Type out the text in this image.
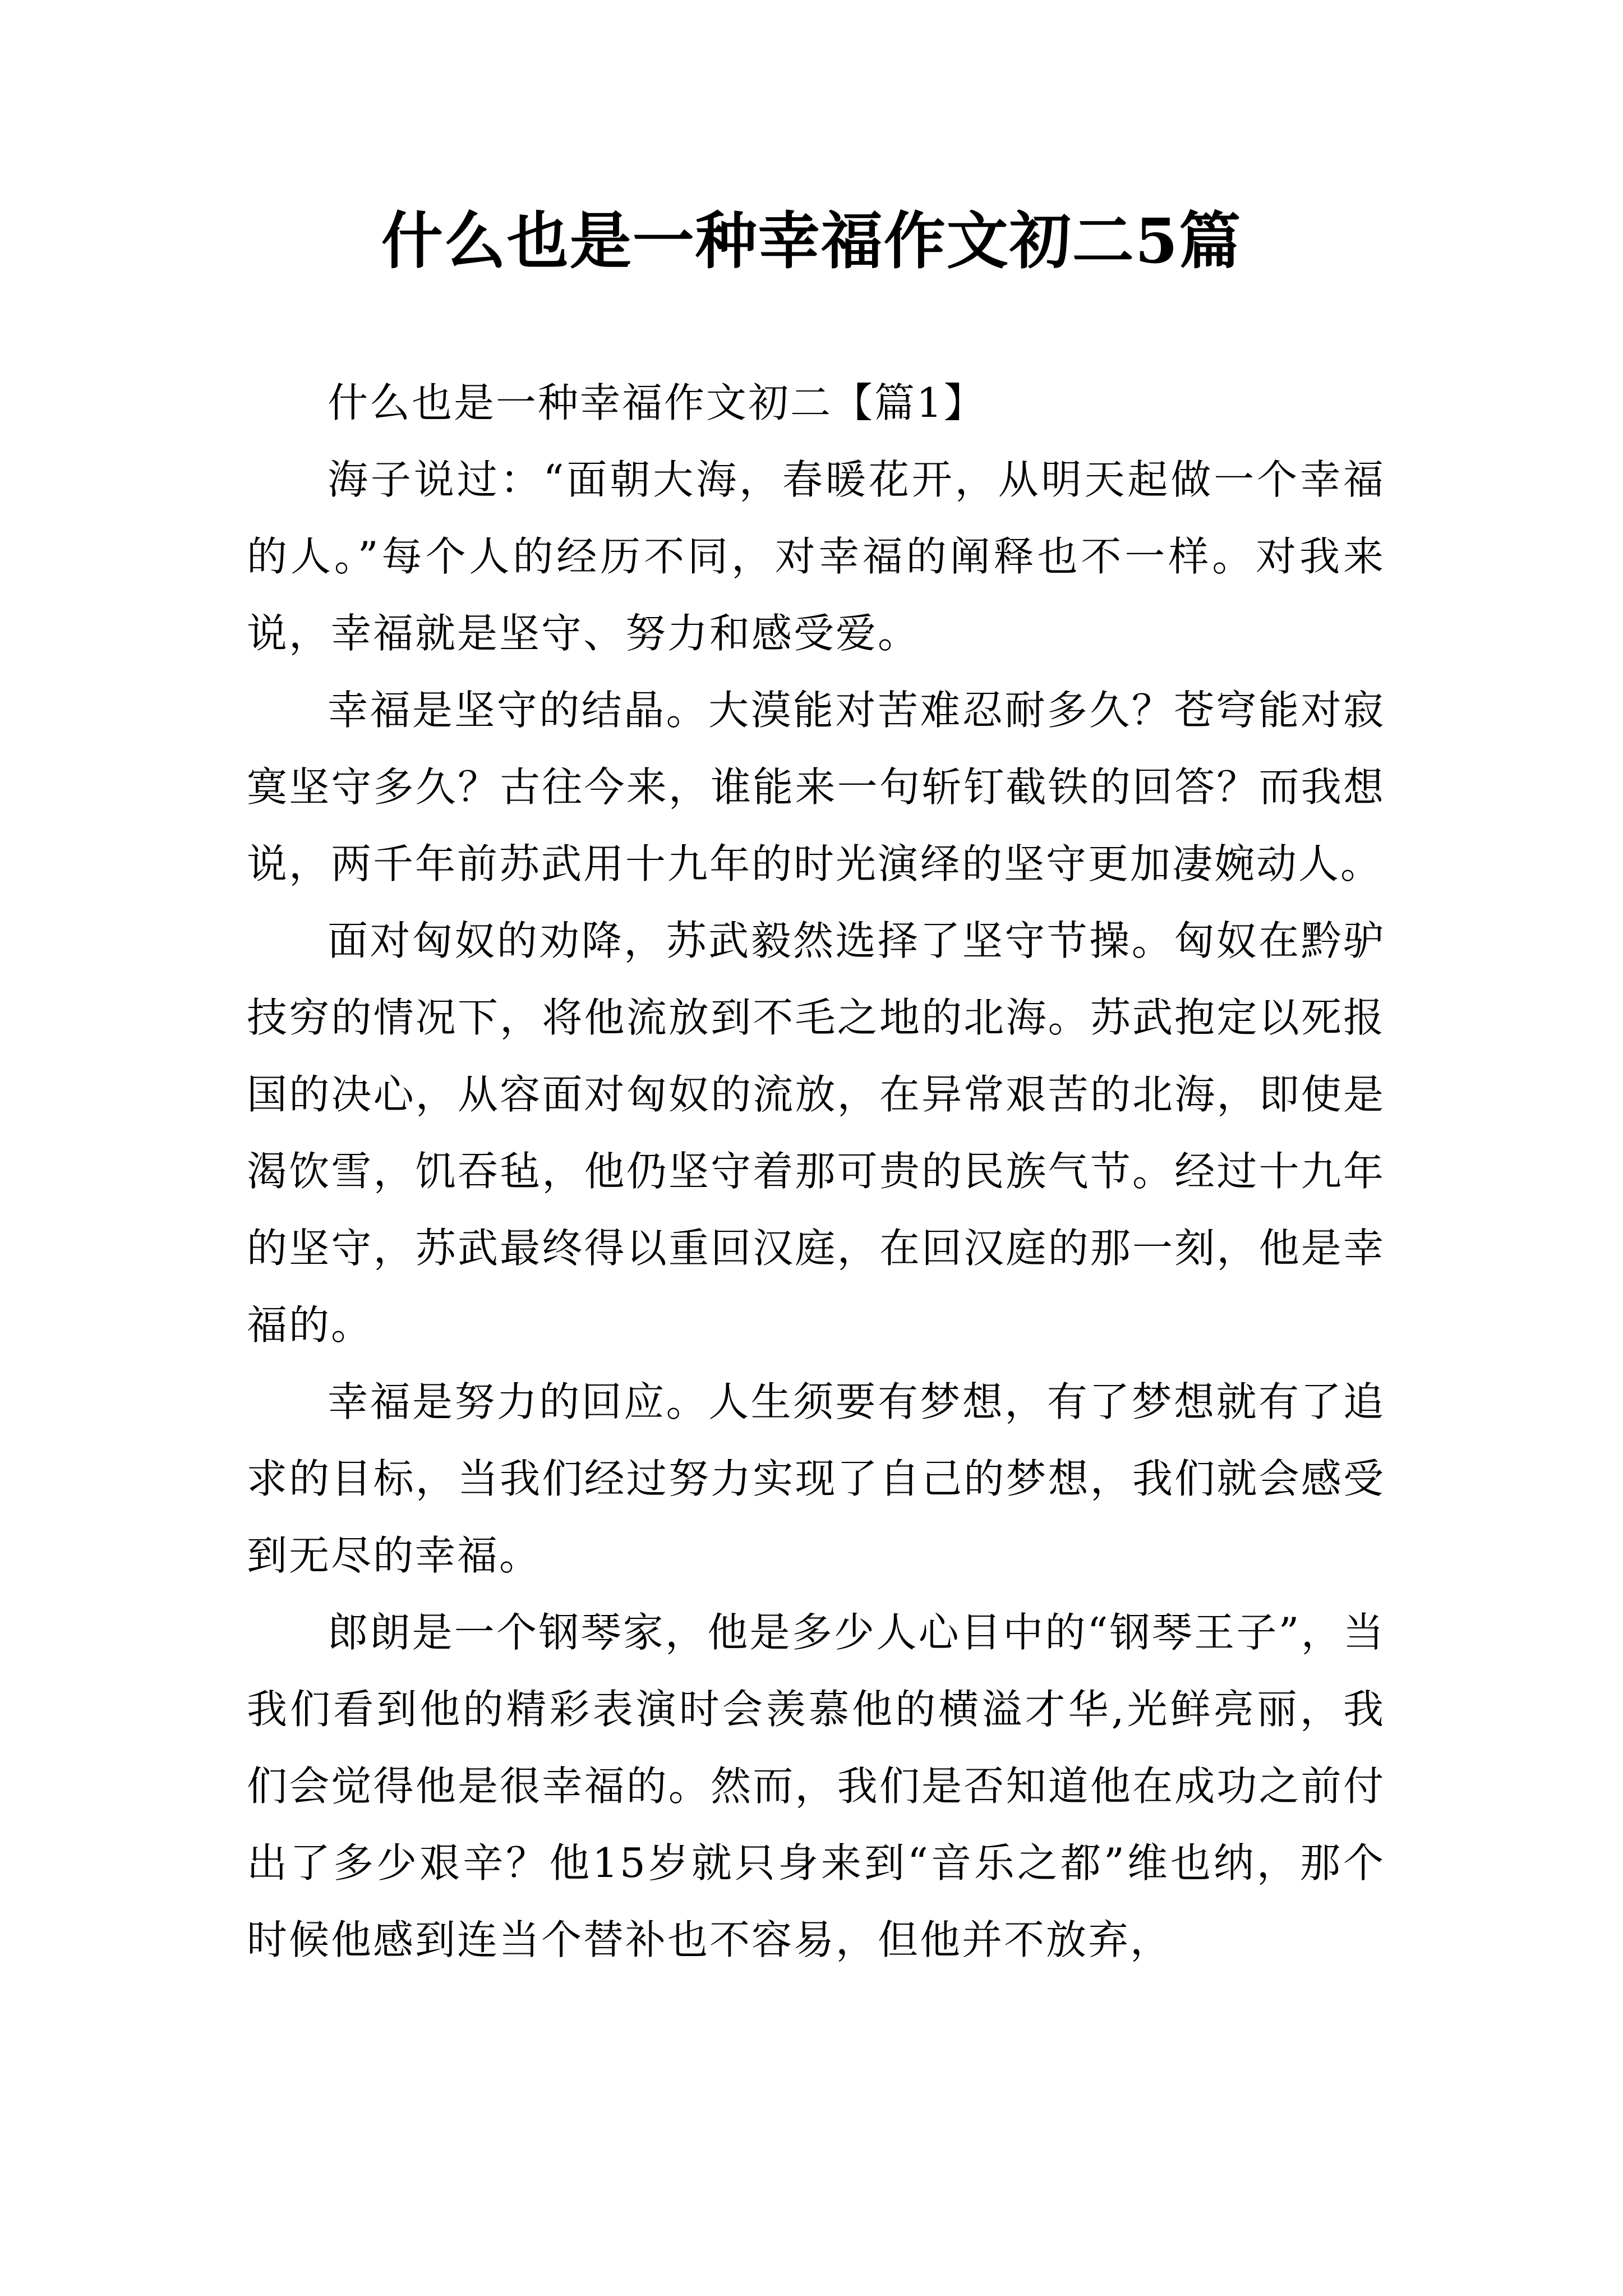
什么也是一种幸福作文初二5篇

什么也是一种幸福作文初二【篇1】

海子说过：“面朝大海，春暖花开，从明天起做一个幸福的人。”每个人的经历不同，对幸福的阐释也不一样。对我来说，幸福就是坚守、努力和感受爱。

幸福是坚守的结晶。大漠能对苦难忍耐多久？苍穹能对寂寞坚守多久？古往今来，谁能来一句斩钉截铁的回答？而我想说，两千年前苏武用十九年的时光演绎的坚守更加凄婉动人。

面对匈奴的劝降，苏武毅然选择了坚守节操。匈奴在黔驴技穷的情况下，将他流放到不毛之地的北海。苏武抱定以死报国的决心，从容面对匈奴的流放，在异常艰苦的北海，即使是渴饮雪，饥吞毡，他仍坚守着那可贵的民族气节。经过十九年的坚守，苏武最终得以重回汉庭，在回汉庭的那一刻，他是幸福的。

幸福是努力的回应。人生须要有梦想，有了梦想就有了追求的目标，当我们经过努力实现了自己的梦想，我们就会感受到无尽的幸福。

郎朗是一个钢琴家，他是多少人心目中的“钢琴王子”，当我们看到他的精彩表演时会羡慕他的横溢才华,光鲜亮丽，我们会觉得他是很幸福的。然而，我们是否知道他在成功之前付出了多少艰辛？他15岁就只身来到“音乐之都”维也纳，那个时候他感到连当个替补也不容易，但他并不放弃，
